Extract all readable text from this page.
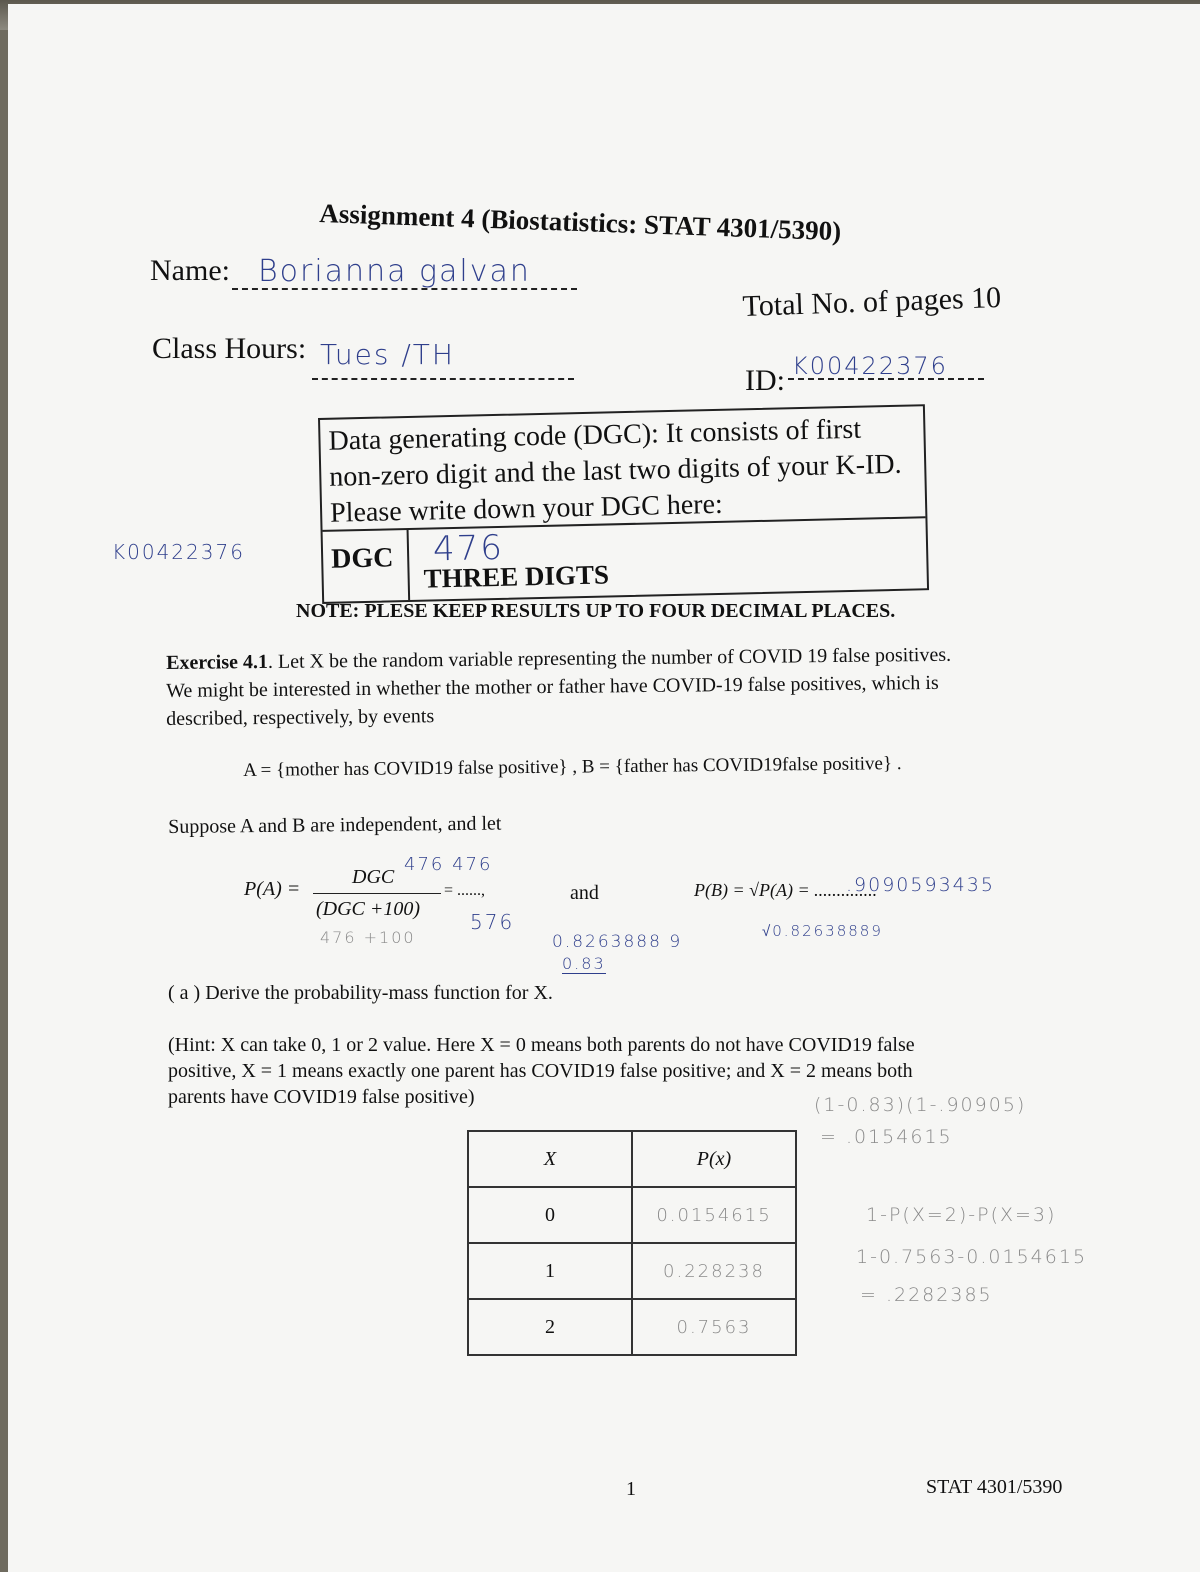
Assignment 4 (Biostatistics: STAT 4301/5390)
Name: Borianna galvan
Total No. of pages 10
Class Hours: Tues /TH
ID: K00422376
Data generating code (DGC): It consists of first non-zero digit and the last two digits of your K-ID. Please write down your DGC here:
DGC	476
THREE DIGTS
K00422376
NOTE: PLESE KEEP RESULTS UP TO FOUR DECIMAL PLACES.
Exercise 4.1. Let X be the random variable representing the number of COVID 19 false positives.
We might be interested in whether the mother or father have COVID-19 false positives, which is
described, respectively, by events
A = {mother has COVID19 false positive} , B = {father has COVID19false positive} .
Suppose A and B are independent, and let
P(A) =
DGC
(DGC +100)
= ......,	and	P(B) = √P(A) = ..............
476 476
576
476 +100	0.8263888 9
0.83
.9090593435
√0.82638889
( a ) Derive the probability-mass function for X.
(Hint: X can take 0, 1 or 2 value. Here X = 0 means both parents do not have COVID19 false
positive, X = 1 means exactly one parent has COVID19 false positive; and X = 2 means both
parents have COVID19 false positive)
X	P(x)
0	0.0154615
1	0.228238
2	0.7563
(1-0.83)(1-.90905)
= .0154615
1-P(X=2)-P(X=3)
1-0.7563-0.0154615
= .2282385
1	STAT 4301/5390
